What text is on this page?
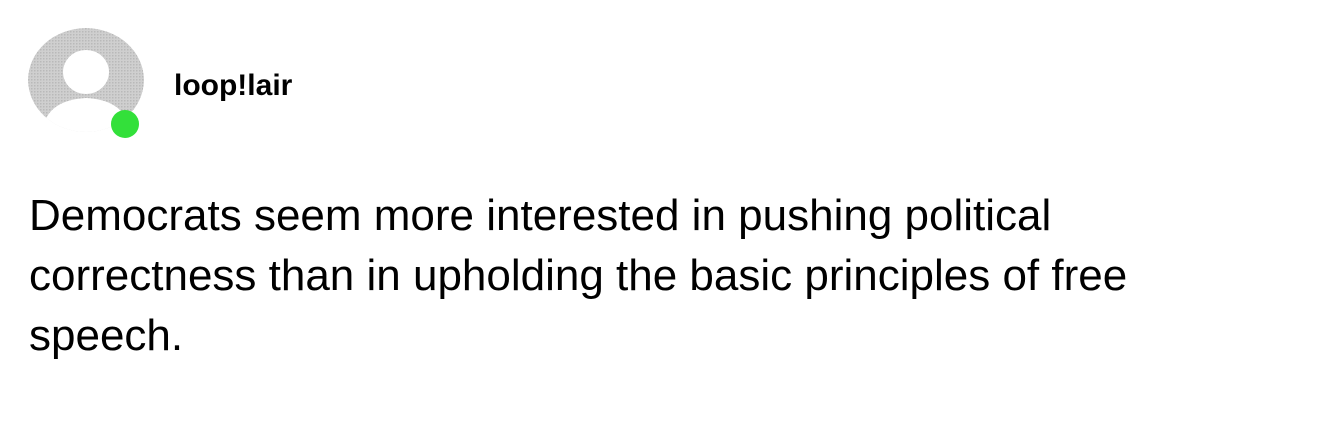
loop!lair

Democrats seem more interested in pushing political correctness than in upholding the basic principles of free speech.
